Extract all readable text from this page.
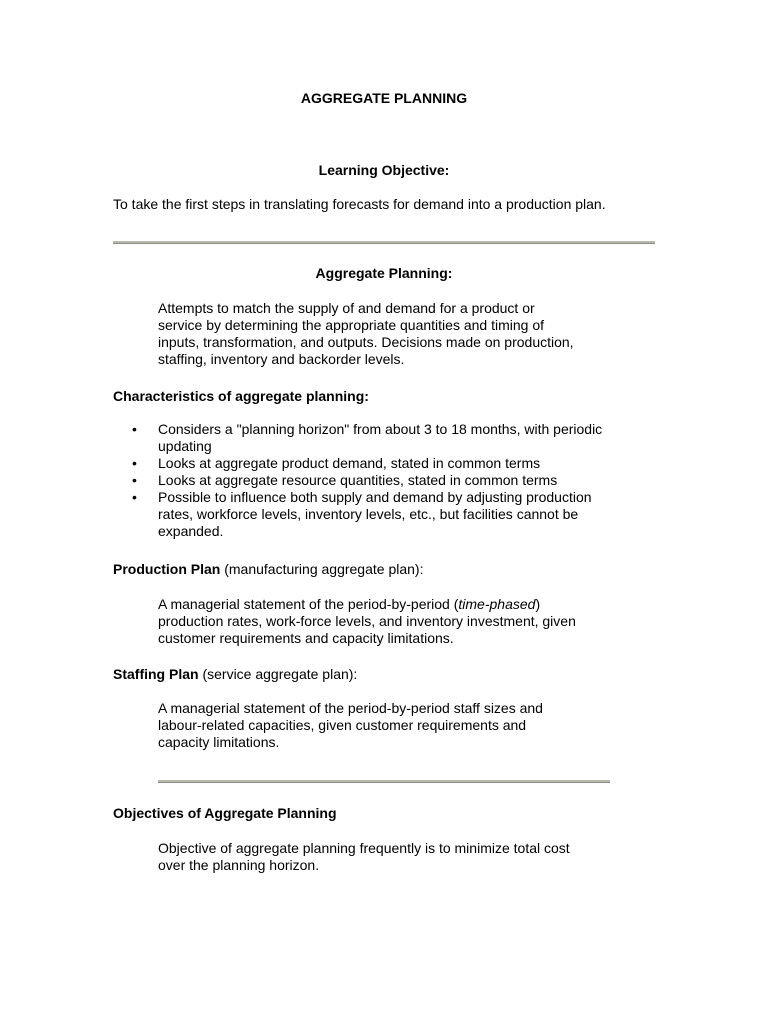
AGGREGATE PLANNING
Learning Objective:
To take the first steps in translating forecasts for demand into a production plan.
Aggregate Planning:
Attempts to match the supply of and demand for a product or
service by determining the appropriate quantities and timing of
inputs, transformation, and outputs. Decisions made on production,
staffing, inventory and backorder levels.
Characteristics of aggregate planning:
• Considers a "planning horizon" from about 3 to 18 months, with periodic
updating
• Looks at aggregate product demand, stated in common terms
• Looks at aggregate resource quantities, stated in common terms
• Possible to influence both supply and demand by adjusting production
rates, workforce levels, inventory levels, etc., but facilities cannot be
expanded.
Production Plan (manufacturing aggregate plan):
A managerial statement of the period-by-period (time-phased)
production rates, work-force levels, and inventory investment, given
customer requirements and capacity limitations.
Staffing Plan (service aggregate plan):
A managerial statement of the period-by-period staff sizes and
labour-related capacities, given customer requirements and
capacity limitations.
Objectives of Aggregate Planning
Objective of aggregate planning frequently is to minimize total cost
over the planning horizon.
